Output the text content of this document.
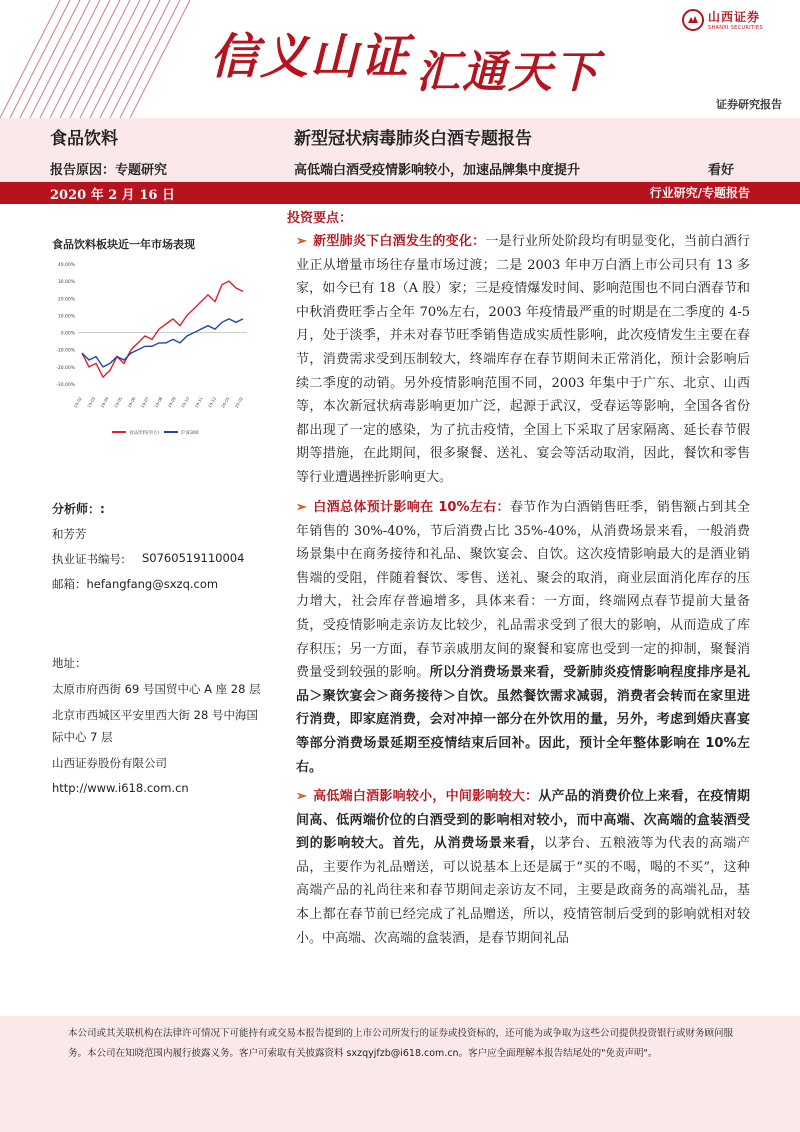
信义山证 汇通天下
山西证券
SHANXI SECURITIES
证券研究报告
食品饮料	新型冠状病毒肺炎白酒专题报告
报告原因：专题研究	高低端白酒受疫情影响较小，加速品牌集中度提升	看好
2020 年 2 月 16 日	行业研究/专题报告
食品饮料板块近一年市场表现
40.00%
30.00%
20.00%
10.00%
0.00%
-10.00%
-20.00%
-30.00%
19-02 19-03 19-04 19-05 19-06 19-07 19-08 19-09 19-10 19-11 19-12 20-01 20-02
食品饮料(申万)	沪深300
分析师：:
和芳芳
执业证书编号: S0760519110004
邮箱：hefangfang@sxzq.com
地址：
太原市府西街 69 号国贸中心 A 座 28 层
北京市西城区平安里西大街 28 号中海国
际中心 7 层
山西证券股份有限公司
http://www.i618.com.cn
投资要点：
➢ 新型肺炎下白酒发生的变化：一是行业所处阶段均有明显变化，当前白酒行业正从增量市场往存量市场过渡；二是 2003 年申万白酒上市公司只有 13 多家，如今已有 18（A 股）家；三是疫情爆发时间、影响范围也不同白酒春节和中秋消费旺季占全年 70%左右，2003 年疫情最严重的时期是在二季度的 4-5 月，处于淡季，并未对春节旺季销售造成实质性影响，此次疫情发生主要在春节，消费需求受到压制较大，终端库存在春节期间未正常消化，预计会影响后续二季度的动销。另外疫情影响范围不同，2003 年集中于广东、北京、山西等，本次新冠状病毒影响更加广泛，起源于武汉，受春运等影响，全国各省份都出现了一定的感染，为了抗击疫情，全国上下采取了居家隔离、延长春节假期等措施，在此期间，很多聚餐、送礼、宴会等活动取消，因此，餐饮和零售等行业遭遇挫折影响更大。
➢ 白酒总体预计影响在 10%左右：春节作为白酒销售旺季，销售额占到其全年销售的 30%-40%，节后消费占比 35%-40%，从消费场景来看，一般消费场景集中在商务接待和礼品、聚饮宴会、自饮。这次疫情影响最大的是酒业销售端的受阻，伴随着餐饮、零售、送礼、聚会的取消，商业层面消化库存的压力增大，社会库存普遍增多，具体来看：一方面，终端网点春节提前大量备货，受疫情影响走亲访友比较少，礼品需求受到了很大的影响，从而造成了库存积压；另一方面，春节亲戚朋友间的聚餐和宴席也受到一定的抑制，聚餐消费量受到较强的影响。所以分消费场景来看，受新肺炎疫情影响程度排序是礼品＞聚饮宴会＞商务接待＞自饮。虽然餐饮需求减弱，消费者会转而在家里进行消费，即家庭消费，会对冲掉一部分在外饮用的量，另外，考虑到婚庆喜宴等部分消费场景延期至疫情结束后回补。因此，预计全年整体影响在 10%左右。
➢ 高低端白酒影响较小，中间影响较大：从产品的消费价位上来看，在疫情期间高、低两端价位的白酒受到的影响相对较小，而中高端、次高端的盒装酒受到的影响较大。首先，从消费场景来看，以茅台、五粮液等为代表的高端产品，主要作为礼品赠送，可以说基本上还是属于“买的不喝，喝的不买”，这种高端产品的礼尚往来和春节期间走亲访友不同，主要是政商务的高端礼品，基本上都在春节前已经完成了礼品赠送，所以，疫情管制后受到的影响就相对较小。中高端、次高端的盒装酒，是春节期间礼品
本公司或其关联机构在法律许可情况下可能持有或交易本报告提到的上市公司所发行的证券或投资标的，还可能为或争取为这些公司提供投资银行或财务顾问服务。本公司在知晓范围内履行披露义务。客户可索取有关披露资料 sxzqyjfzb@i618.com.cn。客户应全面理解本报告结尾处的"免责声明"。
